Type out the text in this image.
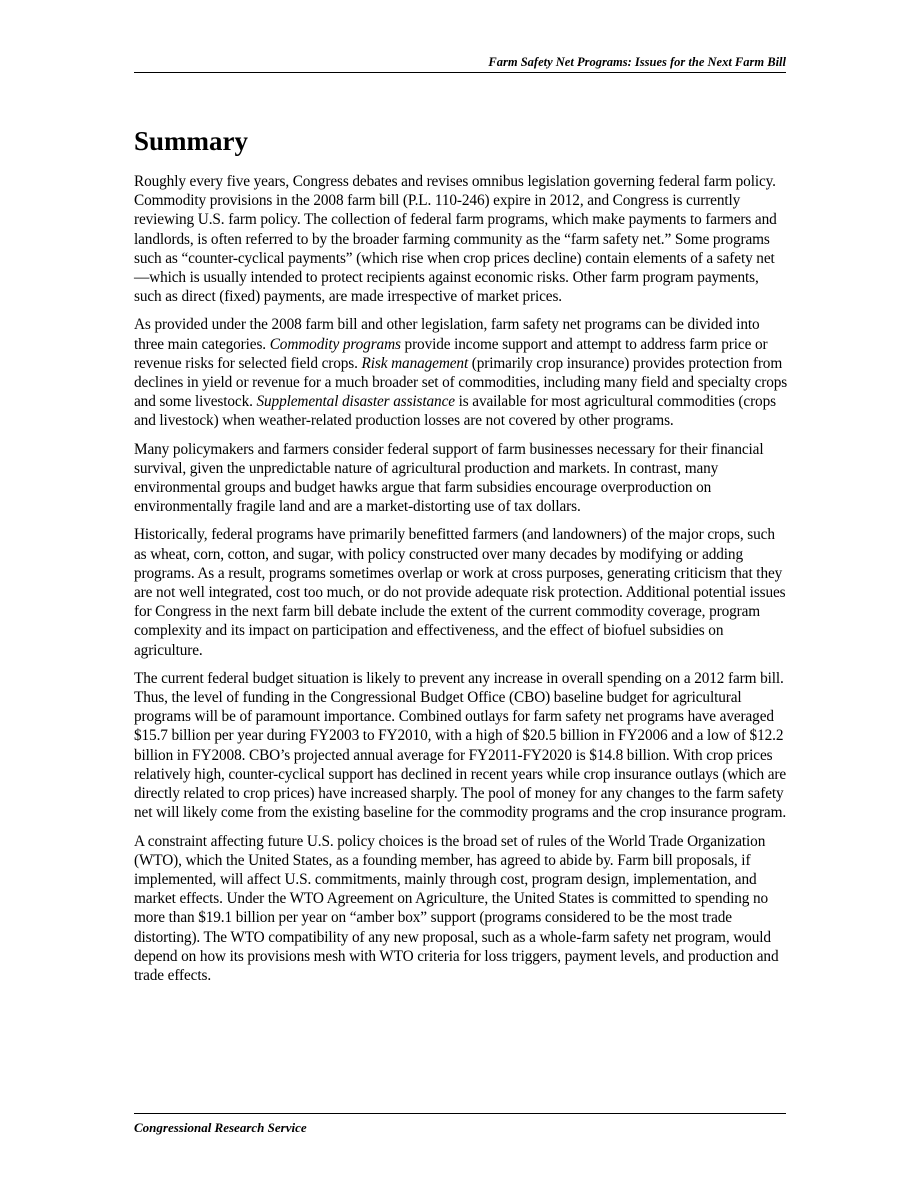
Farm Safety Net Programs: Issues for the Next Farm Bill
Summary

Roughly every five years, Congress debates and revises omnibus legislation governing federal farm policy. Commodity provisions in the 2008 farm bill (P.L. 110-246) expire in 2012, and Congress is currently reviewing U.S. farm policy. The collection of federal farm programs, which make payments to farmers and landlords, is often referred to by the broader farming community as the “farm safety net.” Some programs such as “counter-cyclical payments” (which rise when crop prices decline) contain elements of a safety net—which is usually intended to protect recipients against economic risks. Other farm program payments, such as direct (fixed) payments, are made irrespective of market prices.

As provided under the 2008 farm bill and other legislation, farm safety net programs can be divided into three main categories. Commodity programs provide income support and attempt to address farm price or revenue risks for selected field crops. Risk management (primarily crop insurance) provides protection from declines in yield or revenue for a much broader set of commodities, including many field and specialty crops and some livestock. Supplemental disaster assistance is available for most agricultural commodities (crops and livestock) when weather-related production losses are not covered by other programs.

Many policymakers and farmers consider federal support of farm businesses necessary for their financial survival, given the unpredictable nature of agricultural production and markets. In contrast, many environmental groups and budget hawks argue that farm subsidies encourage overproduction on environmentally fragile land and are a market-distorting use of tax dollars.

Historically, federal programs have primarily benefitted farmers (and landowners) of the major crops, such as wheat, corn, cotton, and sugar, with policy constructed over many decades by modifying or adding programs. As a result, programs sometimes overlap or work at cross purposes, generating criticism that they are not well integrated, cost too much, or do not provide adequate risk protection. Additional potential issues for Congress in the next farm bill debate include the extent of the current commodity coverage, program complexity and its impact on participation and effectiveness, and the effect of biofuel subsidies on agriculture.

The current federal budget situation is likely to prevent any increase in overall spending on a 2012 farm bill. Thus, the level of funding in the Congressional Budget Office (CBO) baseline budget for agricultural programs will be of paramount importance. Combined outlays for farm safety net programs have averaged $15.7 billion per year during FY2003 to FY2010, with a high of $20.5 billion in FY2006 and a low of $12.2 billion in FY2008. CBO’s projected annual average for FY2011-FY2020 is $14.8 billion. With crop prices relatively high, counter-cyclical support has declined in recent years while crop insurance outlays (which are directly related to crop prices) have increased sharply. The pool of money for any changes to the farm safety net will likely come from the existing baseline for the commodity programs and the crop insurance program.

A constraint affecting future U.S. policy choices is the broad set of rules of the World Trade Organization (WTO), which the United States, as a founding member, has agreed to abide by. Farm bill proposals, if implemented, will affect U.S. commitments, mainly through cost, program design, implementation, and market effects. Under the WTO Agreement on Agriculture, the United States is committed to spending no more than $19.1 billion per year on “amber box” support (programs considered to be the most trade distorting). The WTO compatibility of any new proposal, such as a whole-farm safety net program, would depend on how its provisions mesh with WTO criteria for loss triggers, payment levels, and production and trade effects.

Congressional Research Service
